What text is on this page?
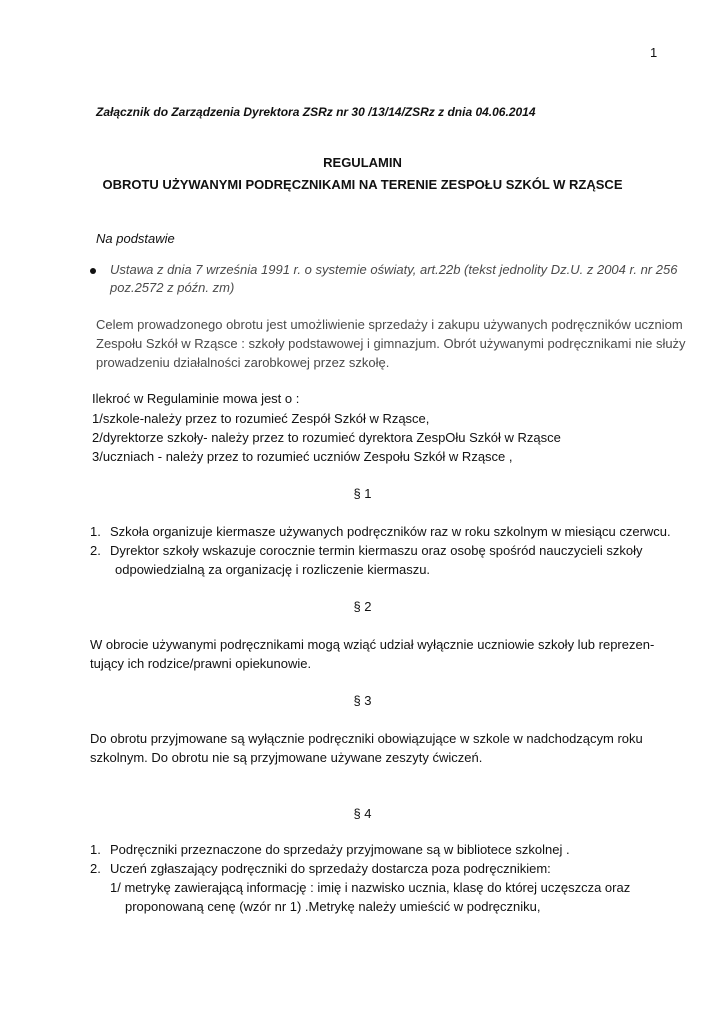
1
Załącznik do Zarządzenia Dyrektora ZSRz nr 30 /13/14/ZSRz z dnia 04.06.2014
REGULAMIN
OBROTU UŻYWANYMI PODRĘCZNIKAMI NA TERENIE ZESPOŁU SZKÓL W RZĄSCE
Na podstawie
Ustawa z dnia 7 września 1991 r. o systemie oświaty, art.22b (tekst jednolity Dz.U. z 2004 r. nr 256
poz.2572 z późn. zm)
Celem prowadzonego obrotu jest umożliwienie sprzedaży i zakupu używanych podręczników uczniom
Zespołu Szkół w Rząsce : szkoły podstawowej i gimnazjum. Obrót używanymi podręcznikami nie służy
prowadzeniu działalności zarobkowej przez szkołę.
Ilekroć w Regulaminie mowa jest o :
1/szkole-należy przez to rozumieć Zespół Szkół w Rząsce,
2/dyrektorze szkoły- należy przez to rozumieć dyrektora ZespOłu Szkół w Rząsce
3/uczniach - należy przez to rozumieć uczniów Zespołu Szkół w Rząsce ,
§ 1
1. Szkoła organizuje kiermasze używanych podręczników raz w roku szkolnym w miesiącu czerwcu.
2. Dyrektor szkoły wskazuje corocznie termin kiermaszu oraz osobę spośród nauczycieli szkoły
odpowiedzialną za organizację i rozliczenie kiermaszu.
§ 2
W obrocie używanymi podręcznikami mogą wziąć udział wyłącznie uczniowie szkoły lub reprezen-
tujący ich rodzice/prawni opiekunowie.
§ 3
Do obrotu przyjmowane są wyłącznie podręczniki obowiązujące w szkole w nadchodzącym roku
szkolnym. Do obrotu nie są przyjmowane używane zeszyty ćwiczeń.
§ 4
1. Podręczniki przeznaczone do sprzedaży przyjmowane są w bibliotece szkolnej .
2. Uczeń zgłaszający podręczniki do sprzedaży dostarcza poza podręcznikiem:
1/ metrykę zawierającą informację : imię i nazwisko ucznia, klasę do której uczęszcza oraz
proponowaną cenę (wzór nr 1) .Metrykę należy umieścić w podręczniku,
